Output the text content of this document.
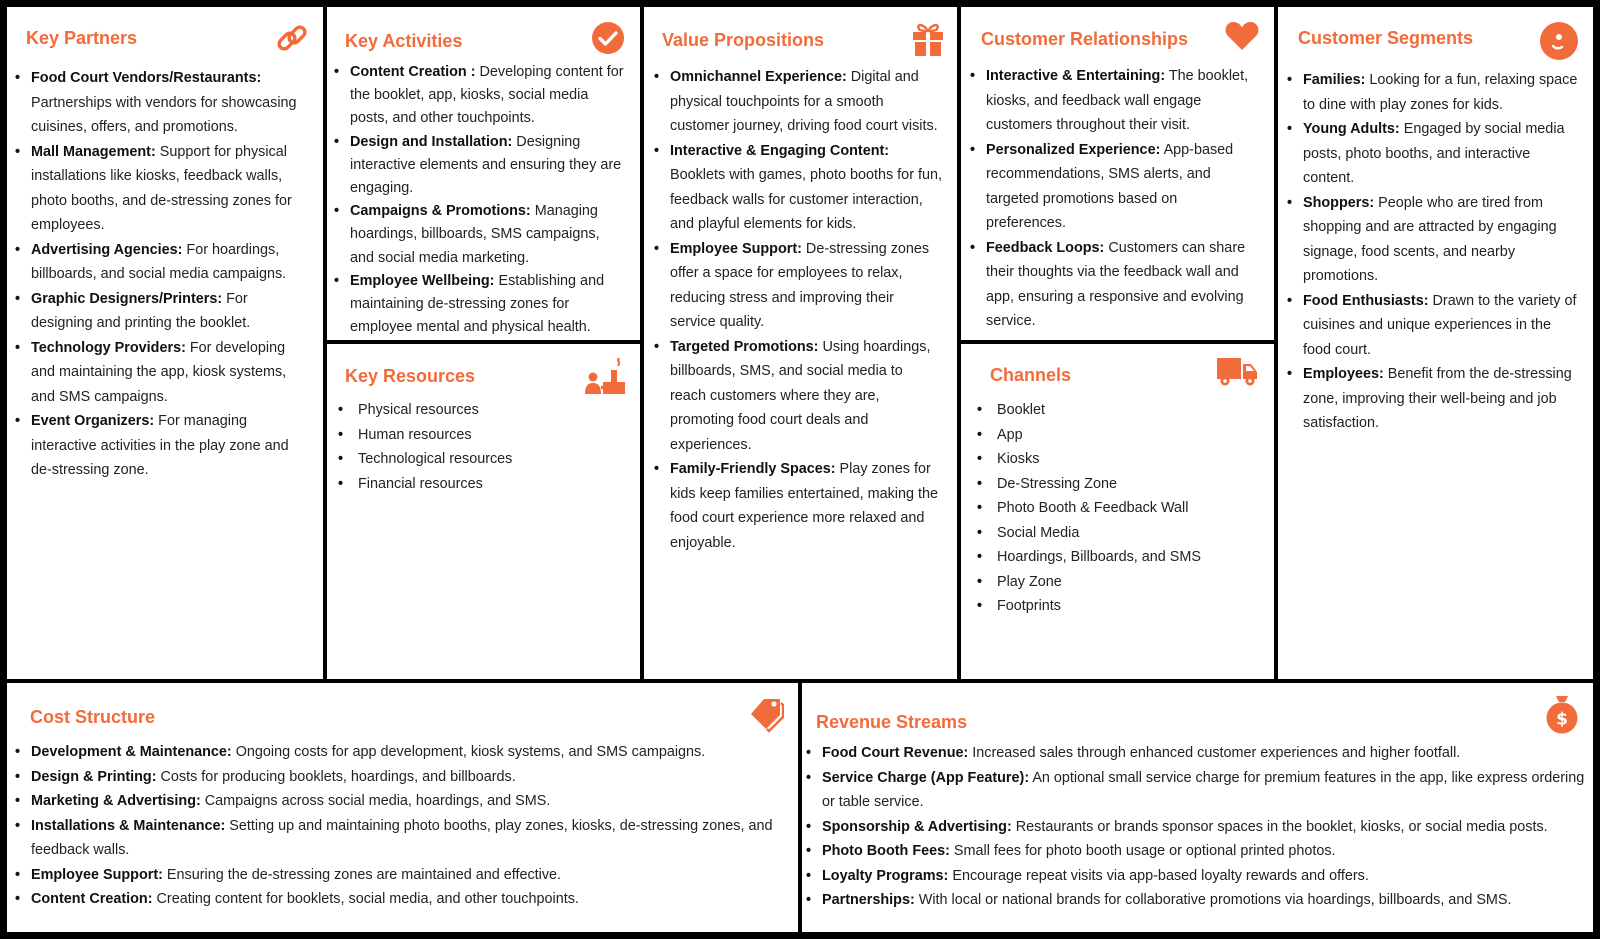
Key Partners
• Food Court Vendors/Restaurants: Partnerships with vendors for showcasing cuisines, offers, and promotions.
• Mall Management: Support for physical installations like kiosks, feedback walls, photo booths, and de-stressing zones for employees.
• Advertising Agencies: For hoardings, billboards, and social media campaigns.
• Graphic Designers/Printers: For designing and printing the booklet.
• Technology Providers: For developing and maintaining the app, kiosk systems, and SMS campaigns.
• Event Organizers: For managing interactive activities in the play zone and de-stressing zone.
Key Activities
• Content Creation : Developing content for the booklet, app, kiosks, social media posts, and other touchpoints.
• Design and Installation: Designing interactive elements and ensuring they are engaging.
• Campaigns & Promotions: Managing hoardings, billboards, SMS campaigns, and social media marketing.
• Employee Wellbeing: Establishing and maintaining de-stressing zones for employee mental and physical health.
Key Resources
• Physical resources
• Human resources
• Technological resources
• Financial resources
Value Propositions
• Omnichannel Experience: Digital and physical touchpoints for a smooth customer journey, driving food court visits.
• Interactive & Engaging Content: Booklets with games, photo booths for fun, feedback walls for customer interaction, and playful elements for kids.
• Employee Support: De-stressing zones offer a space for employees to relax, reducing stress and improving their service quality.
• Targeted Promotions: Using hoardings, billboards, SMS, and social media to reach customers where they are, promoting food court deals and experiences.
• Family-Friendly Spaces: Play zones for kids keep families entertained, making the food court experience more relaxed and enjoyable.
Customer Relationships
• Interactive & Entertaining: The booklet, kiosks, and feedback wall engage customers throughout their visit.
• Personalized Experience: App-based recommendations, SMS alerts, and targeted promotions based on preferences.
• Feedback Loops: Customers can share their thoughts via the feedback wall and app, ensuring a responsive and evolving service.
Channels
• Booklet
• App
• Kiosks
• De-Stressing Zone
• Photo Booth & Feedback Wall
• Social Media
• Hoardings, Billboards, and SMS
• Play Zone
• Footprints
Customer Segments
• Families: Looking for a fun, relaxing space to dine with play zones for kids.
• Young Adults: Engaged by social media posts, photo booths, and interactive content.
• Shoppers: People who are tired from shopping and are attracted by engaging signage, food scents, and nearby promotions.
• Food Enthusiasts: Drawn to the variety of cuisines and unique experiences in the food court.
• Employees: Benefit from the de-stressing zone, improving their well-being and job satisfaction.
Cost Structure
• Development & Maintenance: Ongoing costs for app development, kiosk systems, and SMS campaigns.
• Design & Printing: Costs for producing booklets, hoardings, and billboards.
• Marketing & Advertising: Campaigns across social media, hoardings, and SMS.
• Installations & Maintenance: Setting up and maintaining photo booths, play zones, kiosks, de-stressing zones, and feedback walls.
• Employee Support: Ensuring the de-stressing zones are maintained and effective.
• Content Creation: Creating content for booklets, social media, and other touchpoints.
Revenue Streams	$
• Food Court Revenue: Increased sales through enhanced customer experiences and higher footfall.
• Service Charge (App Feature): An optional small service charge for premium features in the app, like express ordering or table service.
• Sponsorship & Advertising: Restaurants or brands sponsor spaces in the booklet, kiosks, or social media posts.
• Photo Booth Fees: Small fees for photo booth usage or optional printed photos.
• Loyalty Programs: Encourage repeat visits via app-based loyalty rewards and offers.
• Partnerships: With local or national brands for collaborative promotions via hoardings, billboards, and SMS.
